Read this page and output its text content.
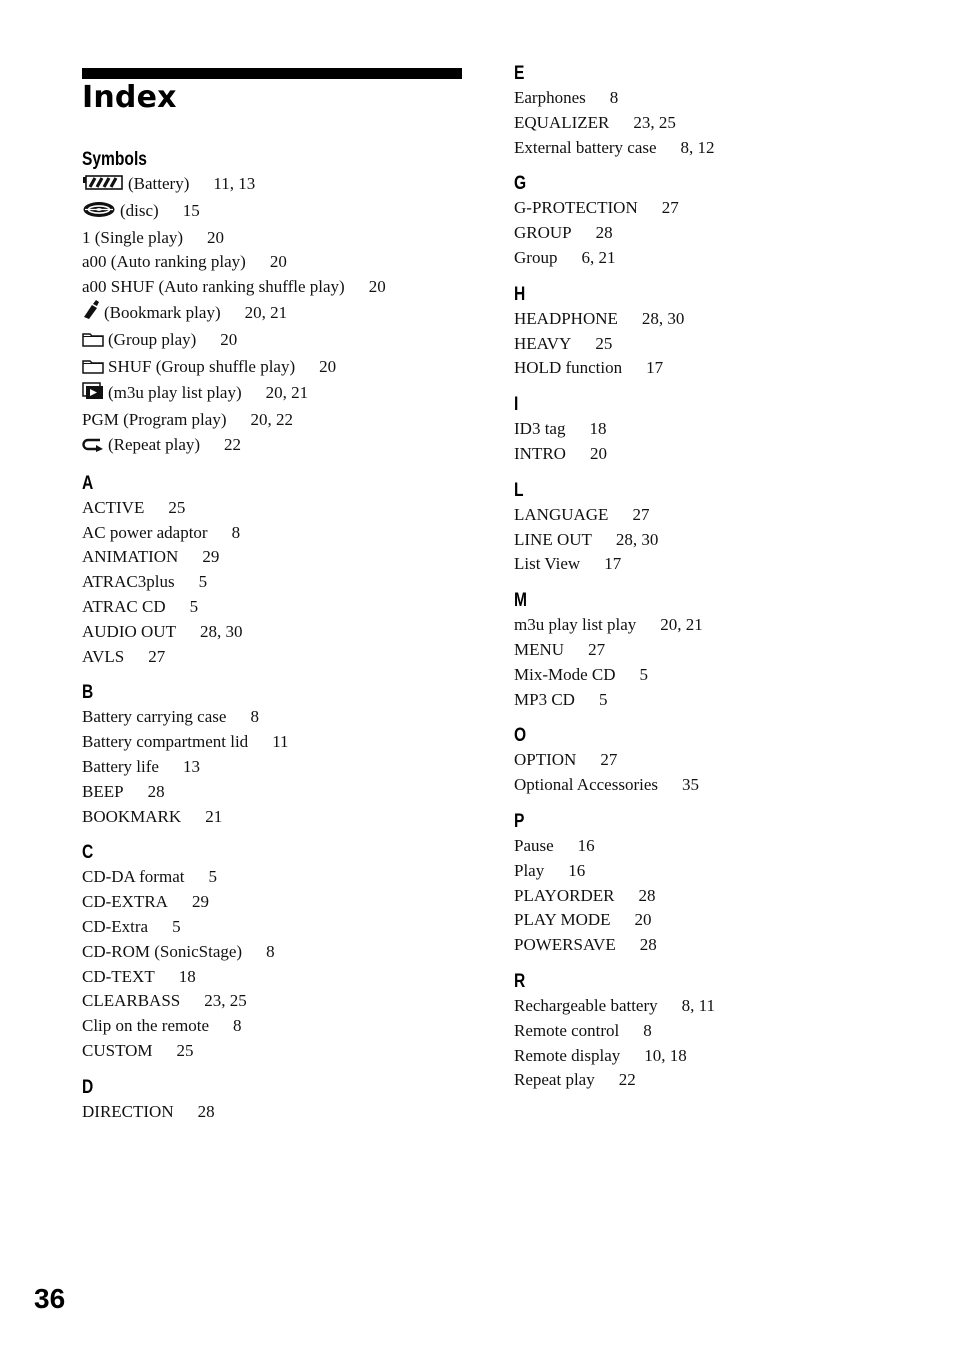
Index
Symbols
(Battery) 11, 13
(disc) 15
1 (Single play) 20
a00 (Auto ranking play) 20
a00 SHUF (Auto ranking shuffle play) 20
(Bookmark play) 20, 21
(Group play) 20
SHUF (Group shuffle play) 20
(m3u play list play) 20, 21
PGM (Program play) 20, 22
(Repeat play) 22
A
ACTIVE 25
AC power adaptor 8
ANIMATION 29
ATRAC3plus 5
ATRAC CD 5
AUDIO OUT 28, 30
AVLS 27
B
Battery carrying case 8
Battery compartment lid 11
Battery life 13
BEEP 28
BOOKMARK 21
C
CD-DA format 5
CD-EXTRA 29
CD-Extra 5
CD-ROM (SonicStage) 8
CD-TEXT 18
CLEARBASS 23, 25
Clip on the remote 8
CUSTOM 25
D
DIRECTION 28
E
Earphones 8
EQUALIZER 23, 25
External battery case 8, 12
G
G-PROTECTION 27
GROUP 28
Group 6, 21
H
HEADPHONE 28, 30
HEAVY 25
HOLD function 17
I
ID3 tag 18
INTRO 20
L
LANGUAGE 27
LINE OUT 28, 30
List View 17
M
m3u play list play 20, 21
MENU 27
Mix-Mode CD 5
MP3 CD 5
O
OPTION 27
Optional Accessories 35
P
Pause 16
Play 16
PLAYORDER 28
PLAY MODE 20
POWERSAVE 28
R
Rechargeable battery 8, 11
Remote control 8
Remote display 10, 18
Repeat play 22
36
